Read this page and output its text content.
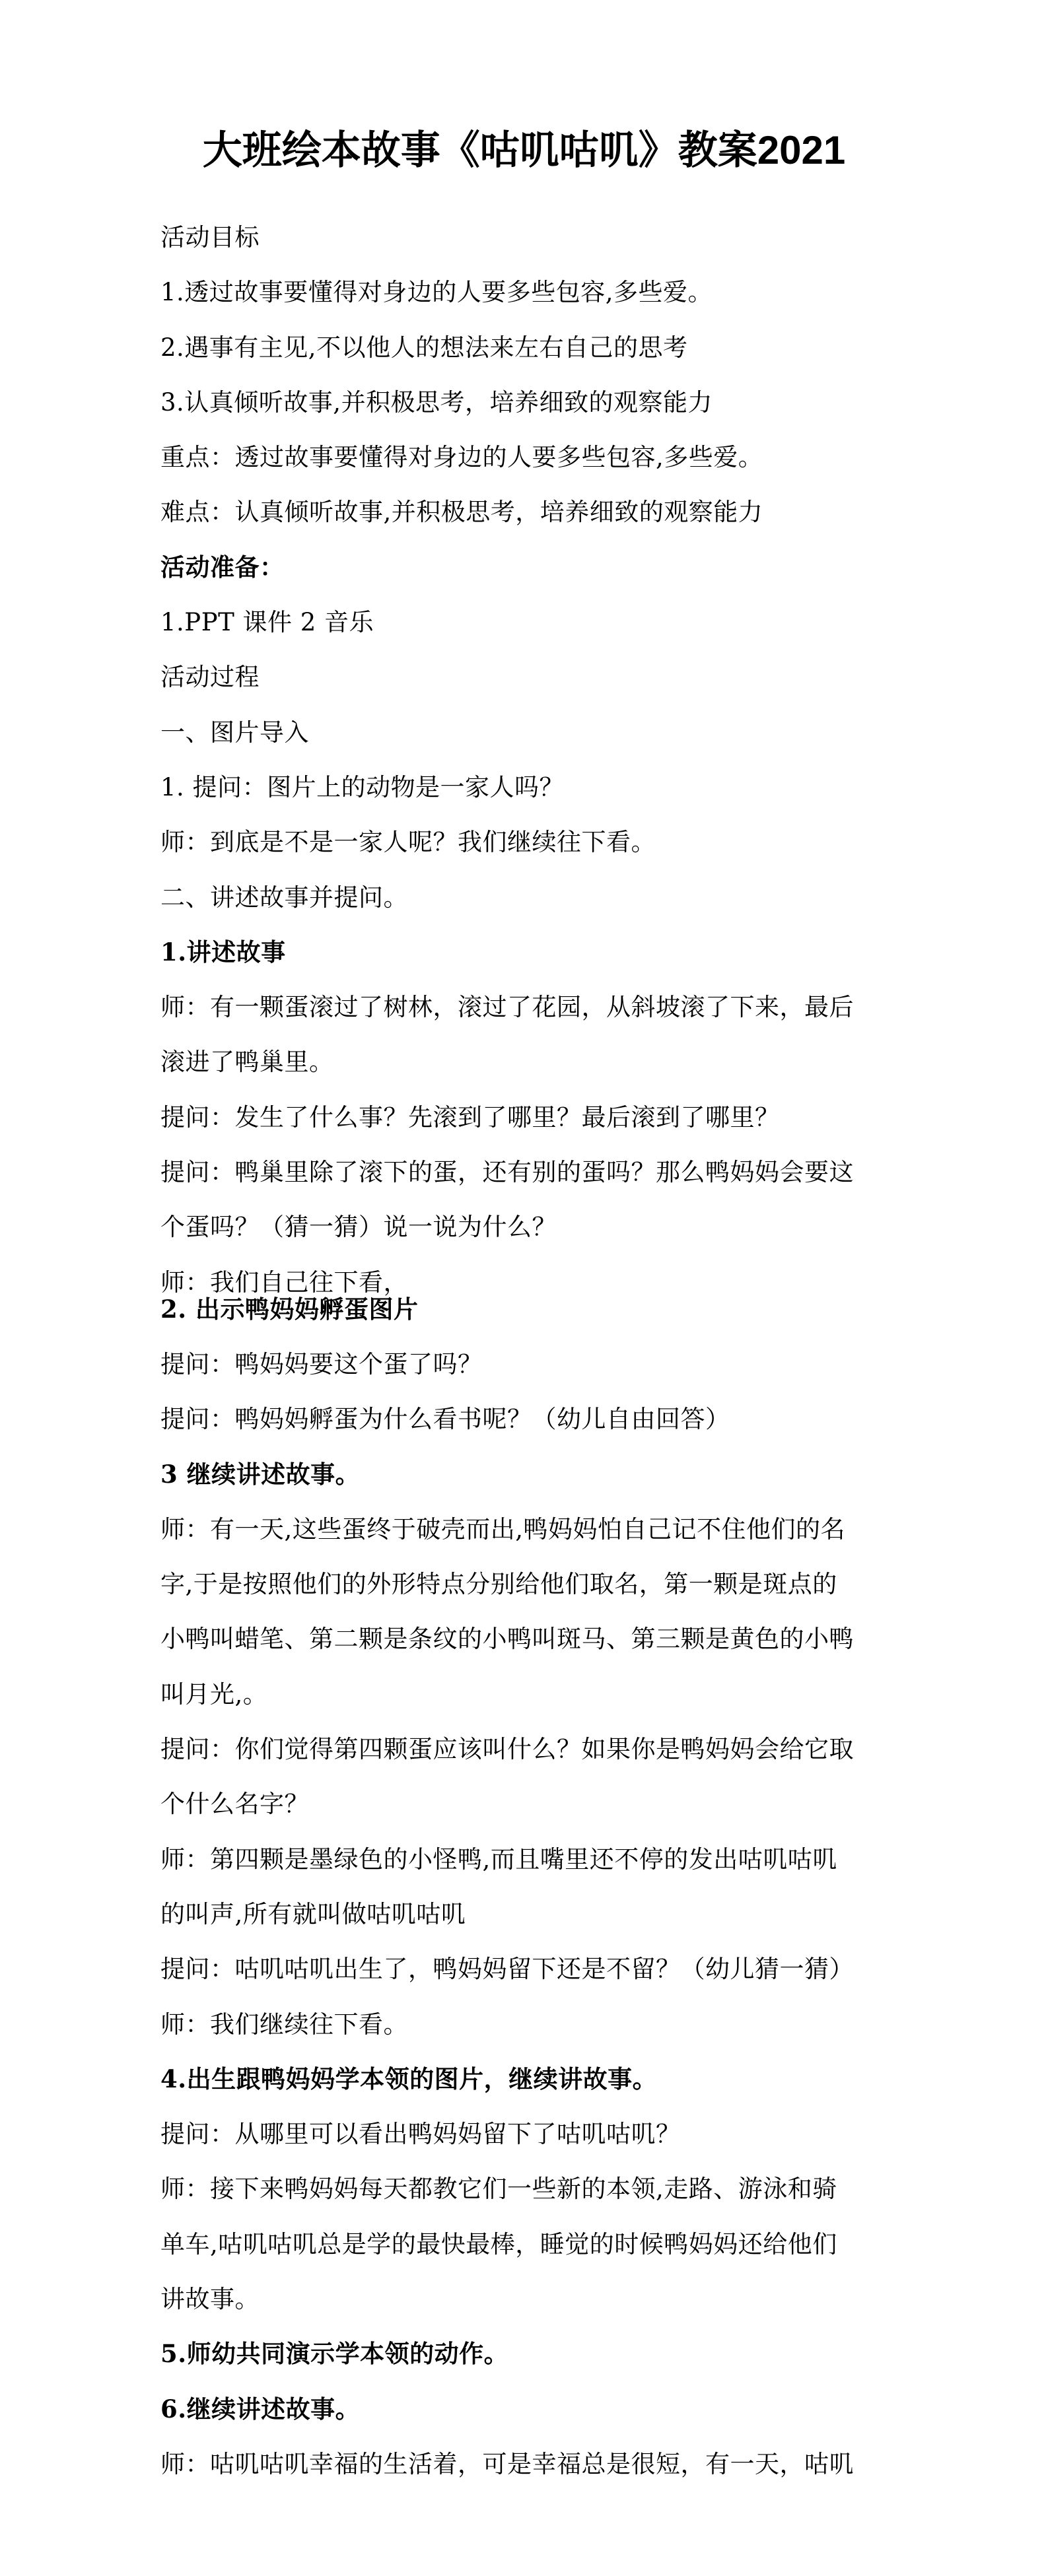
大班绘本故事《咕叽咕叽》教案2021
活动目标
1.透过故事要懂得对身边的人要多些包容,多些爱。
2.遇事有主见,不以他人的想法来左右自己的思考
3.认真倾听故事,并积极思考，培养细致的观察能力
重点：透过故事要懂得对身边的人要多些包容,多些爱。
难点：认真倾听故事,并积极思考，培养细致的观察能力
活动准备：
1.PPT 课件 2 音乐
活动过程
一、图片导入
1. 提问：图片上的动物是一家人吗？
师：到底是不是一家人呢？我们继续往下看。
二、讲述故事并提问。
1.讲述故事
师：有一颗蛋滚过了树林，滚过了花园，从斜坡滚了下来，最后
滚进了鸭巢里。
提问：发生了什么事？先滚到了哪里？最后滚到了哪里？
提问：鸭巢里除了滚下的蛋，还有别的蛋吗？那么鸭妈妈会要这
个蛋吗？（猜一猜）说一说为什么？
师：我们自己往下看，
2. 出示鸭妈妈孵蛋图片
提问：鸭妈妈要这个蛋了吗？
提问：鸭妈妈孵蛋为什么看书呢？（幼儿自由回答）
3 继续讲述故事。
师：有一天,这些蛋终于破壳而出,鸭妈妈怕自己记不住他们的名
字,于是按照他们的外形特点分别给他们取名，第一颗是斑点的
小鸭叫蜡笔、第二颗是条纹的小鸭叫斑马、第三颗是黄色的小鸭
叫月光,。
提问：你们觉得第四颗蛋应该叫什么？如果你是鸭妈妈会给它取
个什么名字？
师：第四颗是墨绿色的小怪鸭,而且嘴里还不停的发出咕叽咕叽
的叫声,所有就叫做咕叽咕叽
提问：咕叽咕叽出生了，鸭妈妈留下还是不留？（幼儿猜一猜）
师：我们继续往下看。
4.出生跟鸭妈妈学本领的图片，继续讲故事。
提问：从哪里可以看出鸭妈妈留下了咕叽咕叽？
师：接下来鸭妈妈每天都教它们一些新的本领,走路、游泳和骑
单车,咕叽咕叽总是学的最快最棒，睡觉的时候鸭妈妈还给他们
讲故事。
5.师幼共同演示学本领的动作。
6.继续讲述故事。
师：咕叽咕叽幸福的生活着，可是幸福总是很短，有一天，咕叽
